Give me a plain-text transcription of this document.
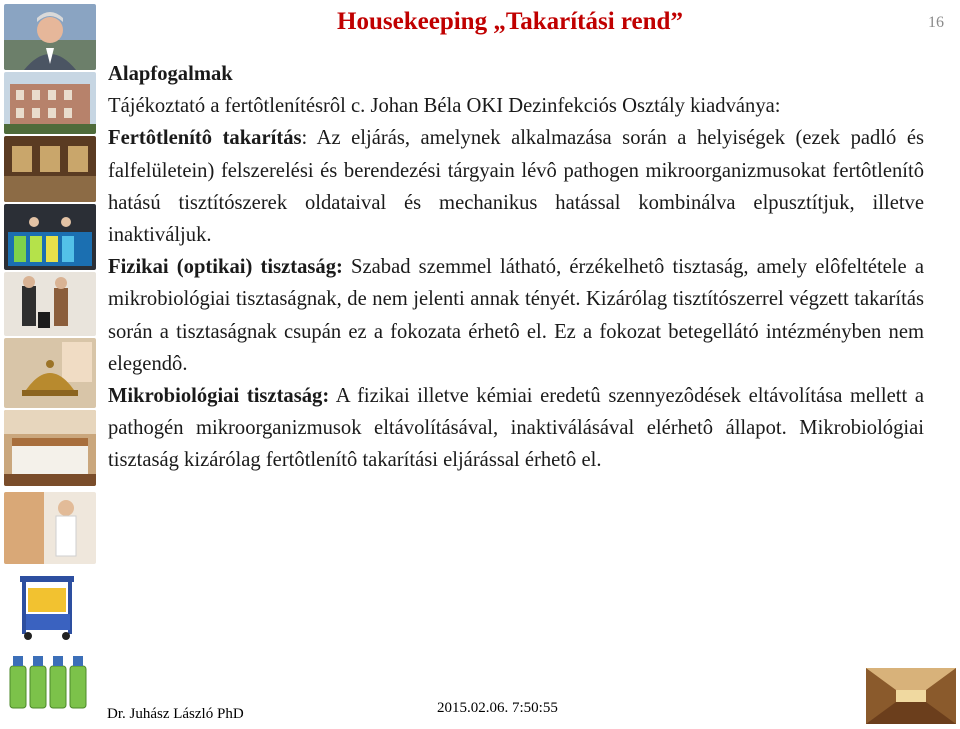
Housekeeping „Takarítási rend”	16
Alapfogalmak

Tájékoztató a fertôtlenítésrôl c. Johan Béla OKI Dezinfekciós Osztály kiadványa:

Fertôtlenítô takarítás: Az eljárás, amelynek alkalmazása során a helyiségek (ezek padló és falfelületein) felszerelési és berendezési tárgyain lévô pathogen mikroorganizmusokat fertôtlenítô hatású tisztítószerek oldataival és mechanikus hatással kombinálva elpusztítjuk, illetve inaktiváljuk.

Fizikai (optikai) tisztaság: Szabad szemmel látható, érzékelhetô tisztaság, amely elôfeltétele a mikrobiológiai tisztaságnak, de nem jelenti annak tényét. Kizárólag tisztítószerrel végzett takarítás során a tisztaságnak csupán ez a fokozata érhetô el. Ez a fokozat betegellátó intézményben nem elegendô.

Mikrobiológiai tisztaság: A fizikai illetve kémiai eredetû szennyezôdések eltávolítása mellett a pathogén mikroorganizmusok eltávolításával, inaktiválásával elérhetô állapot. Mikrobiológiai tisztaság kizárólag fertôtlenítô takarítási eljárással érhetô el.

Dr. Juhász László PhD	2015.02.06. 7:50:55
